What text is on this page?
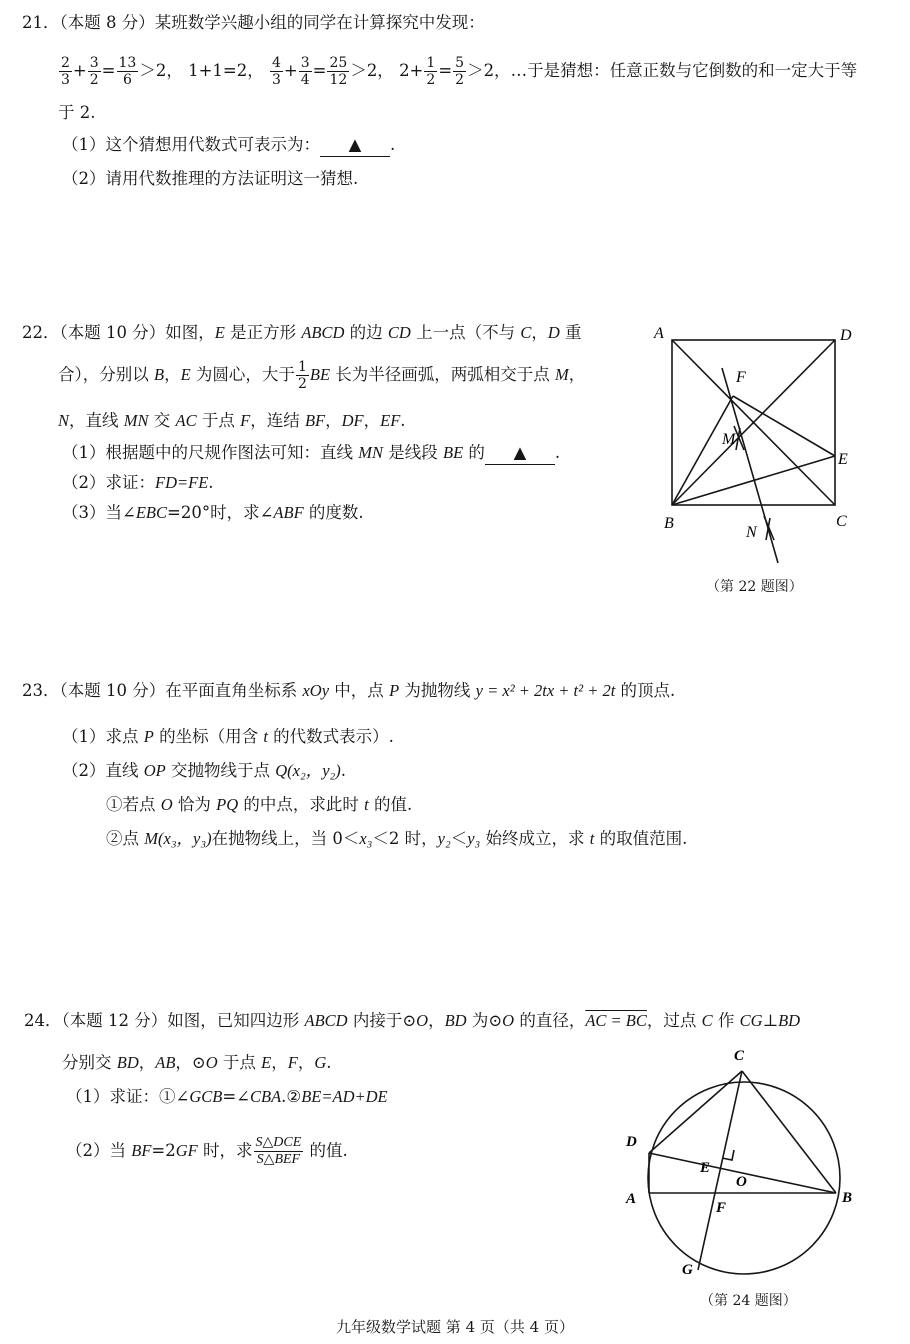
21．（本题 8 分）某班数学兴趣小组的同学在计算探究中发现：
$\frac{2}{3} + \frac{3}{2} = \frac{13}{6} >2$， 1+1=2， $\frac{4}{3} + \frac{3}{4} = \frac{25}{12} >2$， $2+ \frac{1}{2} = \frac{5}{2} >2$，…于是猜想：任意正数与它倒数的和一定大于等
于 2.
（1）这个猜想用代数式可表示为： ▲ .
（2）请用代数推理的方法证明这一猜想.
22．（本题 10 分）如图，E 是正方形 ABCD 的边 CD 上一点（不与 C，D 重
合），分别以 B，E 为圆心，大于 $\frac{1}{2}$ BE 长为半径画弧，两弧相交于点 M，
N，直线 MN 交 AC 于点 F，连结 BF，DF，EF.
（1）根据题中的尺规作图法可知：直线 MN 是线段 BE 的 ▲ .
（2）求证：FD=FE.
（3）当∠EBC=20°时，求∠ABF 的度数.
A	D
E
B	C
F
M
N
（第 22 题图）
23．（本题 10 分）在平面直角坐标系 xOy 中，点 P 为抛物线 y = x² + 2tx + t² + 2t 的顶点.
（1）求点 P 的坐标（用含 t 的代数式表示）.
（2）直线 OP 交抛物线于点 Q(x₂，y₂).
①若点 O 恰为 PQ 的中点，求此时 t 的值.
②点 M(x₃，y₃)在抛物线上，当 0＜x₃＜2 时，y₂＜y₃ 始终成立，求 t 的取值范围.
24．（本题 12 分）如图，已知四边形 ABCD 内接于⊙O，BD 为⊙O 的直径，AC = BC，过点 C 作 CG⊥BD
分别交 BD，AB，⊙O 于点 E，F，G.
（1）求证：①∠GCB=∠CBA.②BE=AD+DE
（2）当 BF=2GF 时，求 $\frac{\text{S△DCE}}{\text{S△BEF}}$ 的值.
C
D
A	B
E
O
F
G
（第 24 题图）
九年级数学试题 第 4 页（共 4 页）
